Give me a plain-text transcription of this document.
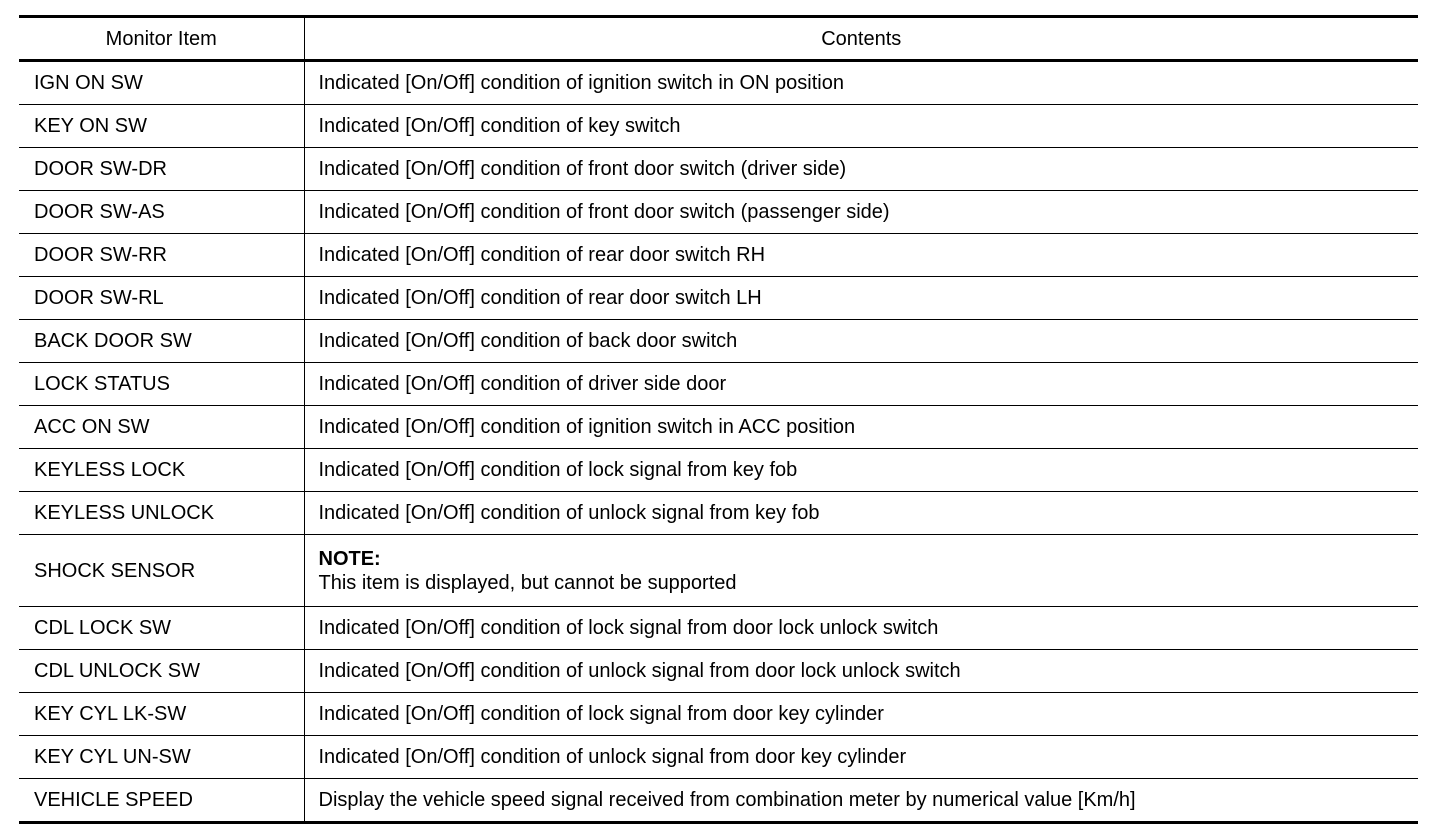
Monitor Item	Contents
IGN ON SW	Indicated [On/Off] condition of ignition switch in ON position
KEY ON SW	Indicated [On/Off] condition of key switch
DOOR SW-DR	Indicated [On/Off] condition of front door switch (driver side)
DOOR SW-AS	Indicated [On/Off] condition of front door switch (passenger side)
DOOR SW-RR	Indicated [On/Off] condition of rear door switch RH
DOOR SW-RL	Indicated [On/Off] condition of rear door switch LH
BACK DOOR SW	Indicated [On/Off] condition of back door switch
LOCK STATUS	Indicated [On/Off] condition of driver side door
ACC ON SW	Indicated [On/Off] condition of ignition switch in ACC position
KEYLESS LOCK	Indicated [On/Off] condition of lock signal from key fob
KEYLESS UNLOCK	Indicated [On/Off] condition of unlock signal from key fob
SHOCK SENSOR	NOTE:
This item is displayed, but cannot be supported

CDL LOCK SW	Indicated [On/Off] condition of lock signal from door lock unlock switch
CDL UNLOCK SW	Indicated [On/Off] condition of unlock signal from door lock unlock switch
KEY CYL LK-SW	Indicated [On/Off] condition of lock signal from door key cylinder
KEY CYL UN-SW	Indicated [On/Off] condition of unlock signal from door key cylinder
VEHICLE SPEED	Display the vehicle speed signal received from combination meter by numerical value [Km/h]
